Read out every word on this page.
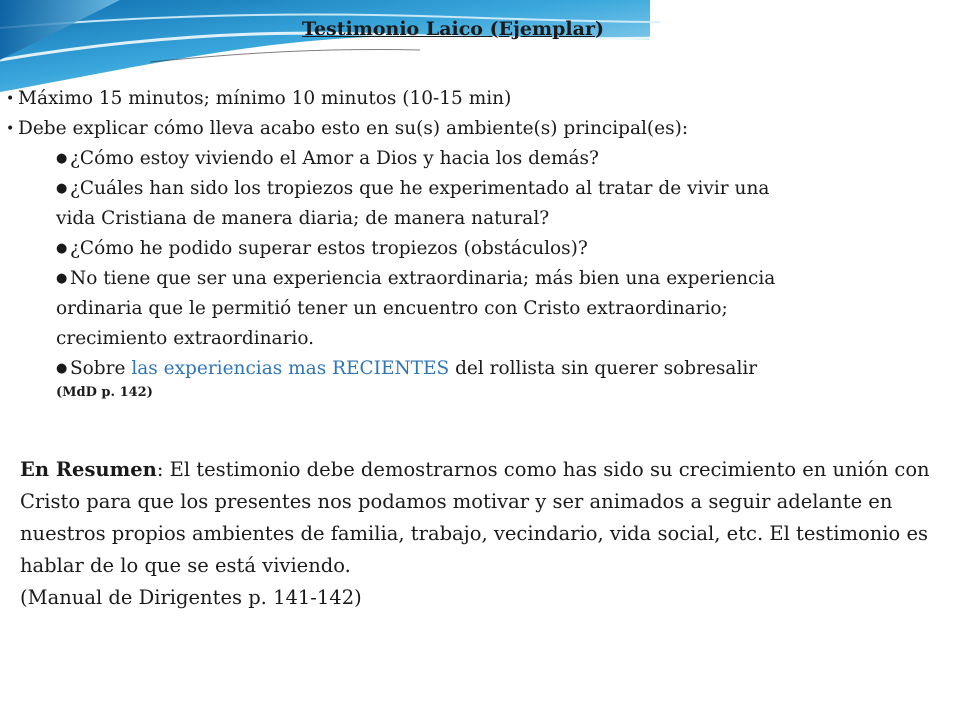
Testimonio Laico (Ejemplar)
• Máximo 15 minutos; mínimo 10 minutos (10-15 min)
• Debe explicar cómo lleva acabo esto en su(s) ambiente(s) principal(es):
● ¿Cómo estoy viviendo el Amor a Dios y hacia los demás?
● ¿Cuáles han sido los tropiezos que he experimentado al tratar de vivir una
vida Cristiana de manera diaria; de manera natural?
● ¿Cómo he podido superar estos tropiezos (obstáculos)?
● No tiene que ser una experiencia extraordinaria; más bien una experiencia
ordinaria que le permitió tener un encuentro con Cristo extraordinario;
crecimiento extraordinario.
● Sobre las experiencias mas RECIENTES del rollista sin querer sobresalir
(MdD p. 142)
En Resumen: El testimonio debe demostrarnos como has sido su crecimiento en unión con Cristo para que los presentes nos podamos motivar y ser animados a seguir adelante en nuestros propios ambientes de familia, trabajo, vecindario, vida social, etc. El testimonio es hablar de lo que se está viviendo.
(Manual de Dirigentes p. 141-142)
